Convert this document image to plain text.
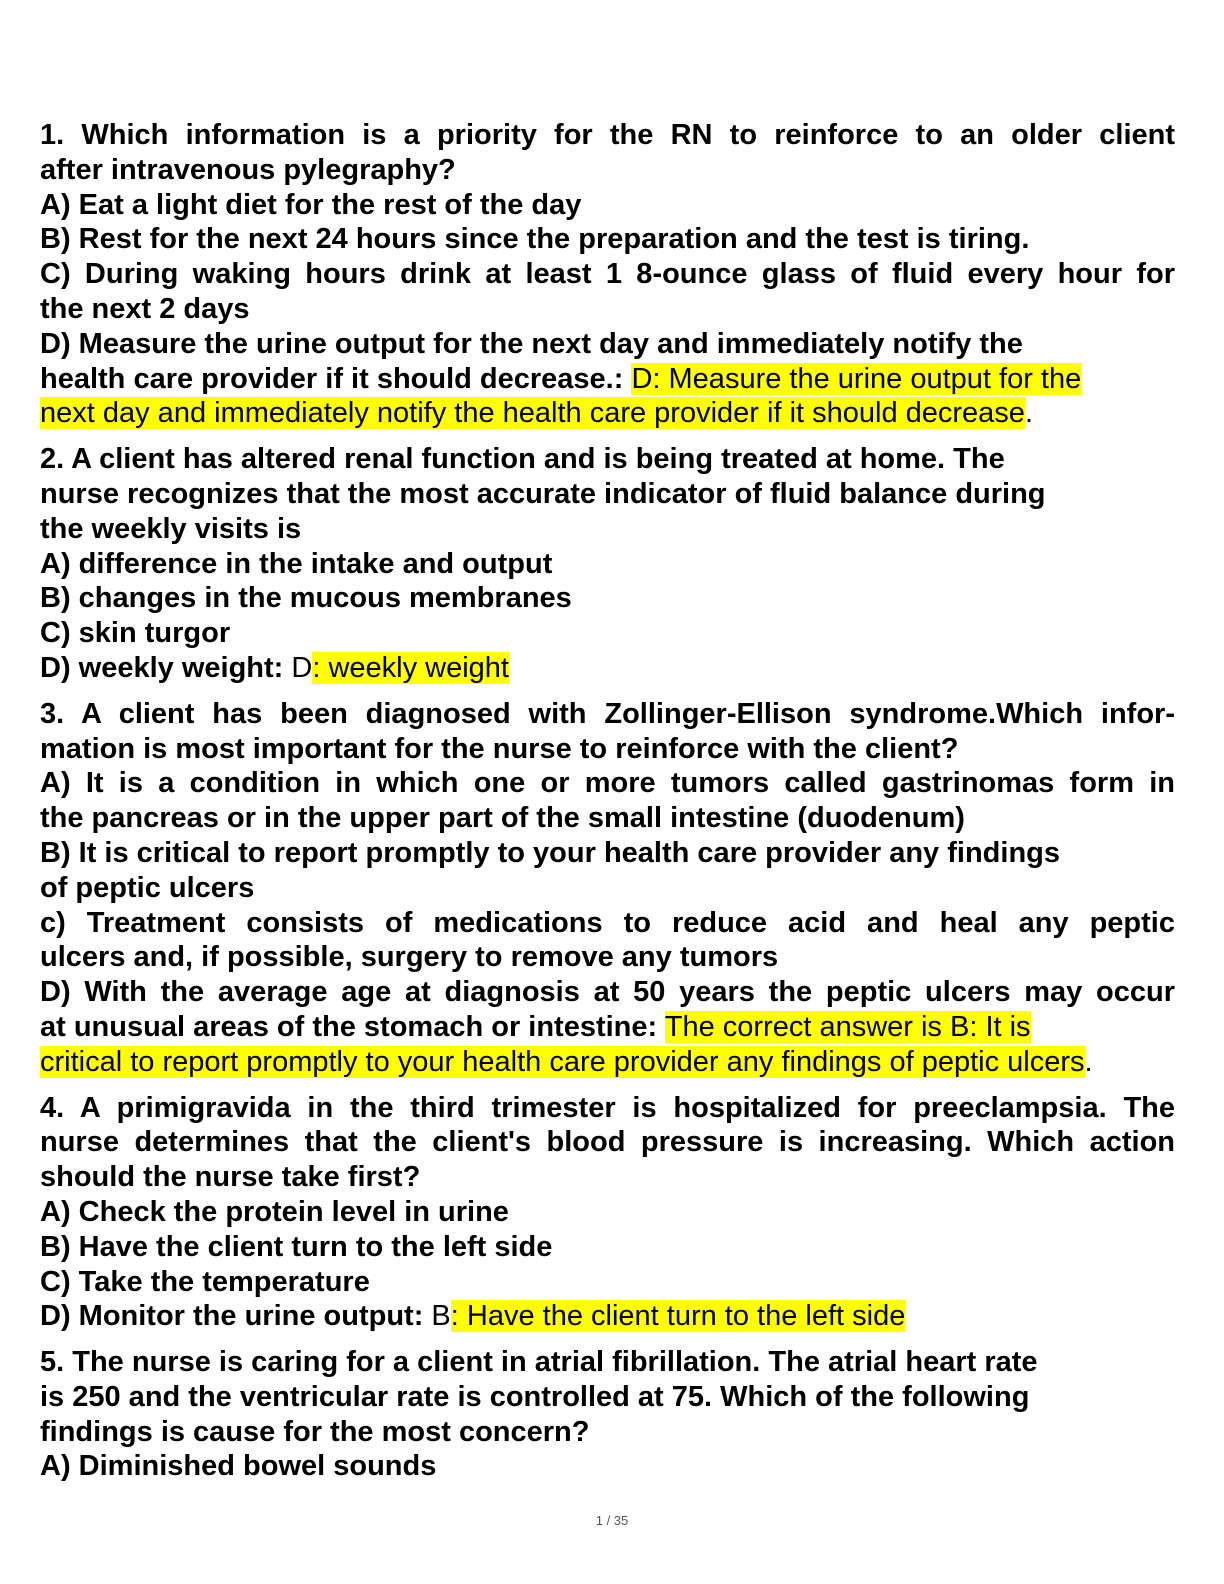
1. Which information is a priority for the RN to reinforce to an older client
after intravenous pylegraphy?
A) Eat a light diet for the rest of the day
B) Rest for the next 24 hours since the preparation and the test is tiring.
C) During waking hours drink at least 1 8-ounce glass of fluid every hour for
the next 2 days
D) Measure the urine output for the next day and immediately notify the
health care provider if it should decrease.: D: Measure the urine output for the
next day and immediately notify the health care provider if it should decrease.
2. A client has altered renal function and is being treated at home. The
nurse recognizes that the most accurate indicator of fluid balance during
the weekly visits is
A) difference in the intake and output
B) changes in the mucous membranes
C) skin turgor
D) weekly weight: D: weekly weight
3. A client has been diagnosed with Zollinger-Ellison syndrome.Which infor-
mation is most important for the nurse to reinforce with the client?
A) It is a condition in which one or more tumors called gastrinomas form in
the pancreas or in the upper part of the small intestine (duodenum)
B) It is critical to report promptly to your health care provider any findings
of peptic ulcers
c) Treatment consists of medications to reduce acid and heal any peptic
ulcers and, if possible, surgery to remove any tumors
D) With the average age at diagnosis at 50 years the peptic ulcers may occur
at unusual areas of the stomach or intestine: The correct answer is B: It is
critical to report promptly to your health care provider any findings of peptic ulcers.
4. A primigravida in the third trimester is hospitalized for preeclampsia. The
nurse determines that the client's blood pressure is increasing. Which action
should the nurse take first?
A) Check the protein level in urine
B) Have the client turn to the left side
C) Take the temperature
D) Monitor the urine output: B: Have the client turn to the left side
5. The nurse is caring for a client in atrial fibrillation. The atrial heart rate
is 250 and the ventricular rate is controlled at 75. Which of the following
findings is cause for the most concern?
A) Diminished bowel sounds
1 / 35
